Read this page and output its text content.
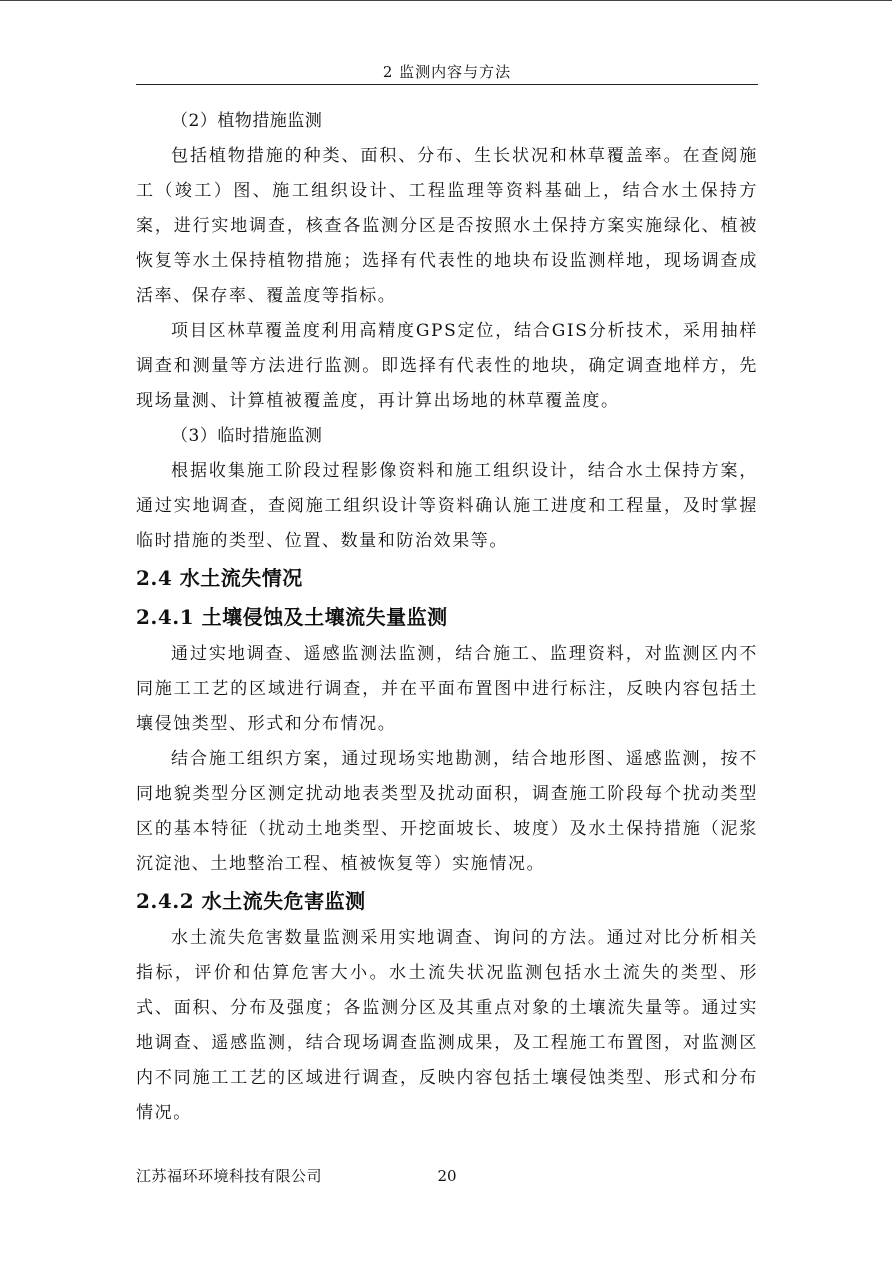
2 监测内容与方法

（2）植物措施监测

包括植物措施的种类、面积、分布、生长状况和林草覆盖率。在查阅施工（竣工）图、施工组织设计、工程监理等资料基础上，结合水土保持方案，进行实地调查，核查各监测分区是否按照水土保持方案实施绿化、植被恢复等水土保持植物措施；选择有代表性的地块布设监测样地，现场调查成活率、保存率、覆盖度等指标。

项目区林草覆盖度利用高精度GPS定位，结合GIS分析技术，采用抽样调查和测量等方法进行监测。即选择有代表性的地块，确定调查地样方，先现场量测、计算植被覆盖度，再计算出场地的林草覆盖度。

（3）临时措施监测

根据收集施工阶段过程影像资料和施工组织设计，结合水土保持方案，通过实地调查，查阅施工组织设计等资料确认施工进度和工程量，及时掌握临时措施的类型、位置、数量和防治效果等。

2.4 水土流失情况
2.4.1 土壤侵蚀及土壤流失量监测

通过实地调查、遥感监测法监测，结合施工、监理资料，对监测区内不同施工工艺的区域进行调查，并在平面布置图中进行标注，反映内容包括土壤侵蚀类型、形式和分布情况。

结合施工组织方案，通过现场实地勘测，结合地形图、遥感监测，按不同地貌类型分区测定扰动地表类型及扰动面积，调查施工阶段每个扰动类型区的基本特征（扰动土地类型、开挖面坡长、坡度）及水土保持措施（泥浆沉淀池、土地整治工程、植被恢复等）实施情况。

2.4.2 水土流失危害监测

水土流失危害数量监测采用实地调查、询问的方法。通过对比分析相关指标，评价和估算危害大小。水土流失状况监测包括水土流失的类型、形式、面积、分布及强度；各监测分区及其重点对象的土壤流失量等。通过实地调查、遥感监测，结合现场调查监测成果，及工程施工布置图，对监测区内不同施工工艺的区域进行调查，反映内容包括土壤侵蚀类型、形式和分布情况。

江苏福环环境科技有限公司	20
